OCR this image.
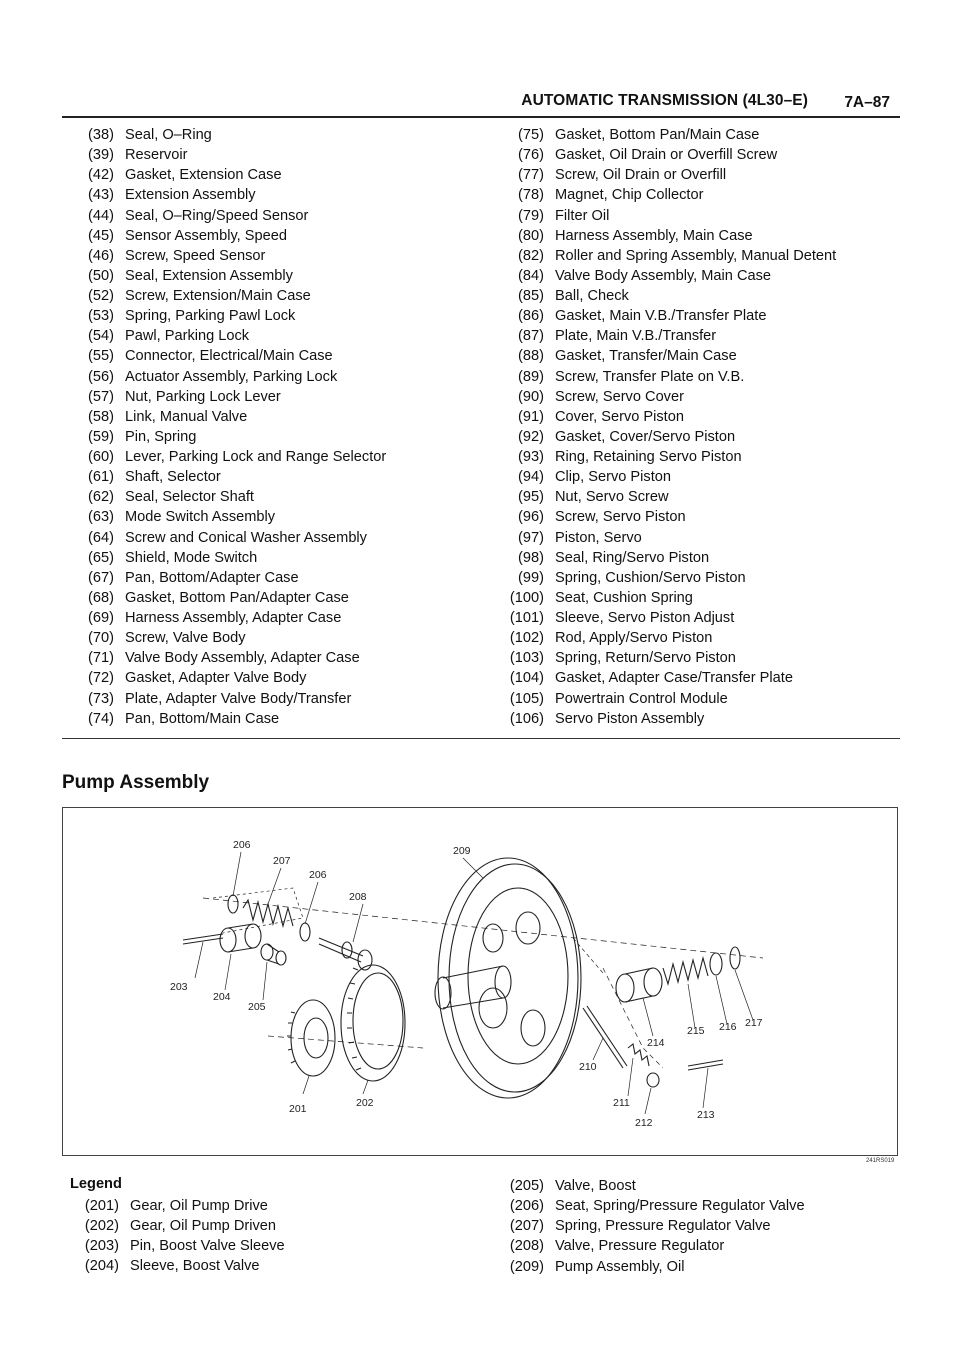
AUTOMATIC TRANSMISSION (4L30–E) 7A–87
(38) Seal, O–Ring
(39) Reservoir
(42) Gasket, Extension Case
(43) Extension Assembly
(44) Seal, O–Ring/Speed Sensor
(45) Sensor Assembly, Speed
(46) Screw, Speed Sensor
(50) Seal, Extension Assembly
(52) Screw, Extension/Main Case
(53) Spring, Parking Pawl Lock
(54) Pawl, Parking Lock
(55) Connector, Electrical/Main Case
(56) Actuator Assembly, Parking Lock
(57) Nut, Parking Lock Lever
(58) Link, Manual Valve
(59) Pin, Spring
(60) Lever, Parking Lock and Range Selector
(61) Shaft, Selector
(62) Seal, Selector Shaft
(63) Mode Switch Assembly
(64) Screw and Conical Washer Assembly
(65) Shield, Mode Switch
(67) Pan, Bottom/Adapter Case
(68) Gasket, Bottom Pan/Adapter Case
(69) Harness Assembly, Adapter Case
(70) Screw, Valve Body
(71) Valve Body Assembly, Adapter Case
(72) Gasket, Adapter Valve Body
(73) Plate, Adapter Valve Body/Transfer
(74) Pan, Bottom/Main Case
(75) Gasket, Bottom Pan/Main Case
(76) Gasket, Oil Drain or Overfill Screw
(77) Screw, Oil Drain or Overfill
(78) Magnet, Chip Collector
(79) Filter Oil
(80) Harness Assembly, Main Case
(82) Roller and Spring Assembly, Manual Detent
(84) Valve Body Assembly, Main Case
(85) Ball, Check
(86) Gasket, Main V.B./Transfer Plate
(87) Plate, Main V.B./Transfer
(88) Gasket, Transfer/Main Case
(89) Screw, Transfer Plate on V.B.
(90) Screw, Servo Cover
(91) Cover, Servo Piston
(92) Gasket, Cover/Servo Piston
(93) Ring, Retaining Servo Piston
(94) Clip, Servo Piston
(95) Nut, Servo Screw
(96) Screw, Servo Piston
(97) Piston, Servo
(98) Seal, Ring/Servo Piston
(99) Spring, Cushion/Servo Piston
(100) Seat, Cushion Spring
(101) Sleeve, Servo Piston Adjust
(102) Rod, Apply/Servo Piston
(103) Spring, Return/Servo Piston
(104) Gasket, Adapter Case/Transfer Plate
(105) Powertrain Control Module
(106) Servo Piston Assembly
Pump Assembly
206
207
206
208
209
203
204
205
201	202
210
211
212
213
214
215 216 217
241RS019
Legend
(201) Gear, Oil Pump Drive
(202) Gear, Oil Pump Driven
(203) Pin, Boost Valve Sleeve
(204) Sleeve, Boost Valve
(205) Valve, Boost
(206) Seat, Spring/Pressure Regulator Valve
(207) Spring, Pressure Regulator Valve
(208) Valve, Pressure Regulator
(209) Pump Assembly, Oil
